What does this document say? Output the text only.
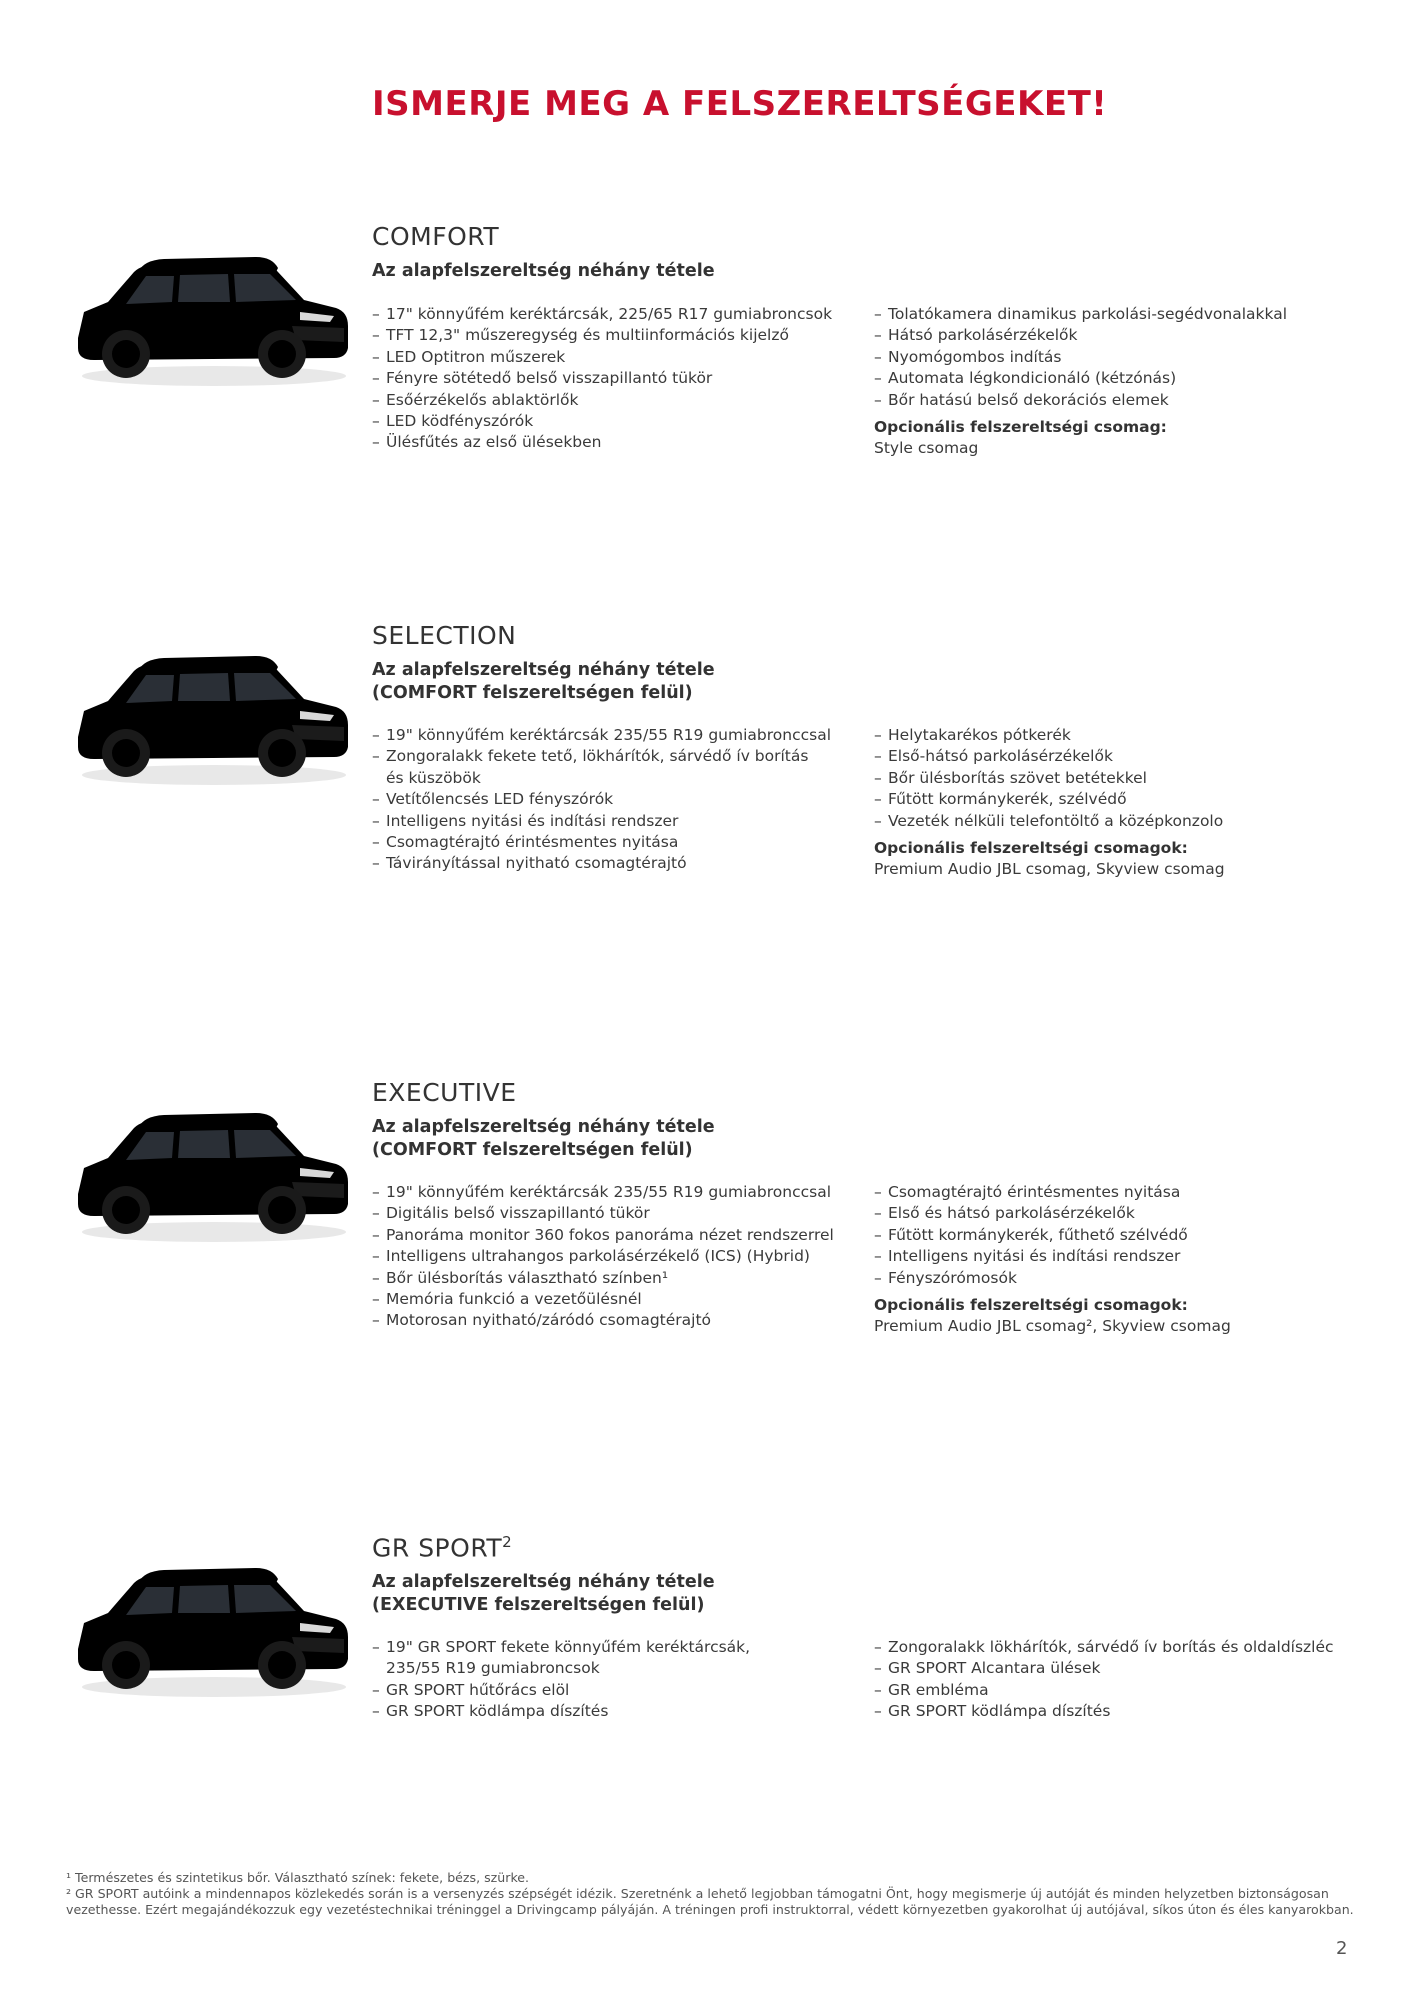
ISMERJE MEG A FELSZERELTSÉGEKET!
COMFORT
Az alapfelszereltség néhány tétele
– 17" könnyűfém keréktárcsák, 225/65 R17 gumiabroncsok
– TFT 12,3" műszeregység és multiinformációs kijelző
– LED Optitron műszerek
– Fényre sötétedő belső visszapillantó tükör
– Esőérzékelős ablaktörlők
– LED ködfényszórók
– Ülésfűtés az első ülésekben
– Tolatókamera dinamikus parkolási-segédvonalakkal
– Hátsó parkolásérzékelők
– Nyomógombos indítás
– Automata légkondicionáló (kétzónás)
– Bőr hatású belső dekorációs elemek
Opcionális felszereltségi csomag:
Style csomag
SELECTION
Az alapfelszereltség néhány tétele
(COMFORT felszereltségen felül)
– 19" könnyűfém keréktárcsák 235/55 R19 gumiabronccsal
– Zongoralakk fekete tető, lökhárítók, sárvédő ív borítás és küszöbök
– Vetítőlencsés LED fényszórók
– Intelligens nyitási és indítási rendszer
– Csomagtérajtó érintésmentes nyitása
– Távirányítással nyitható csomagtérajtó
– Helytakarékos pótkerék
– Első-hátsó parkolásérzékelők
– Bőr ülésborítás szövet betétekkel
– Fűtött kormánykerék, szélvédő
– Vezeték nélküli telefontöltő a középkonzolo
Opcionális felszereltségi csomagok:
Premium Audio JBL csomag, Skyview csomag
EXECUTIVE
Az alapfelszereltség néhány tétele
(COMFORT felszereltségen felül)
– 19" könnyűfém keréktárcsák 235/55 R19 gumiabronccsal
– Digitális belső visszapillantó tükör
– Panoráma monitor 360 fokos panoráma nézet rendszerrel
– Intelligens ultrahangos parkolásérzékelő (ICS) (Hybrid)
– Bőr ülésborítás választható színben¹
– Memória funkció a vezetőülésnél
– Motorosan nyitható/záródó csomagtérajtó
– Csomagtérajtó érintésmentes nyitása
– Első és hátsó parkolásérzékelők
– Fűtött kormánykerék, fűthető szélvédő
– Intelligens nyitási és indítási rendszer
– Fényszórómosók
Opcionális felszereltségi csomagok:
Premium Audio JBL csomag², Skyview csomag
GR SPORT$^2$
Az alapfelszereltség néhány tétele
(EXECUTIVE felszereltségen felül)
– 19" GR SPORT fekete könnyűfém keréktárcsák, 235/55 R19 gumiabroncsok
– GR SPORT hűtőrács elöl
– GR SPORT ködlámpa díszítés
– Zongoralakk lökhárítók, sárvédő ív borítás és oldaldíszléc
– GR SPORT Alcantara ülések
– GR embléma
– GR SPORT ködlámpa díszítés

¹ Természetes és szintetikus bőr. Választható színek: fekete, bézs, szürke.

² GR SPORT autóink a mindennapos közlekedés során is a versenyzés szépségét idézik. Szeretnénk a lehető legjobban támogatni Önt, hogy megismerje új autóját és minden helyzetben biztonságosan vezethesse. Ezért megajándékozzuk egy vezetéstechnikai tréninggel a Drivingcamp pályáján. A tréningen profi instruktorral, védett környezetben gyakorolhat új autójával, síkos úton és éles kanyarokban.

2
